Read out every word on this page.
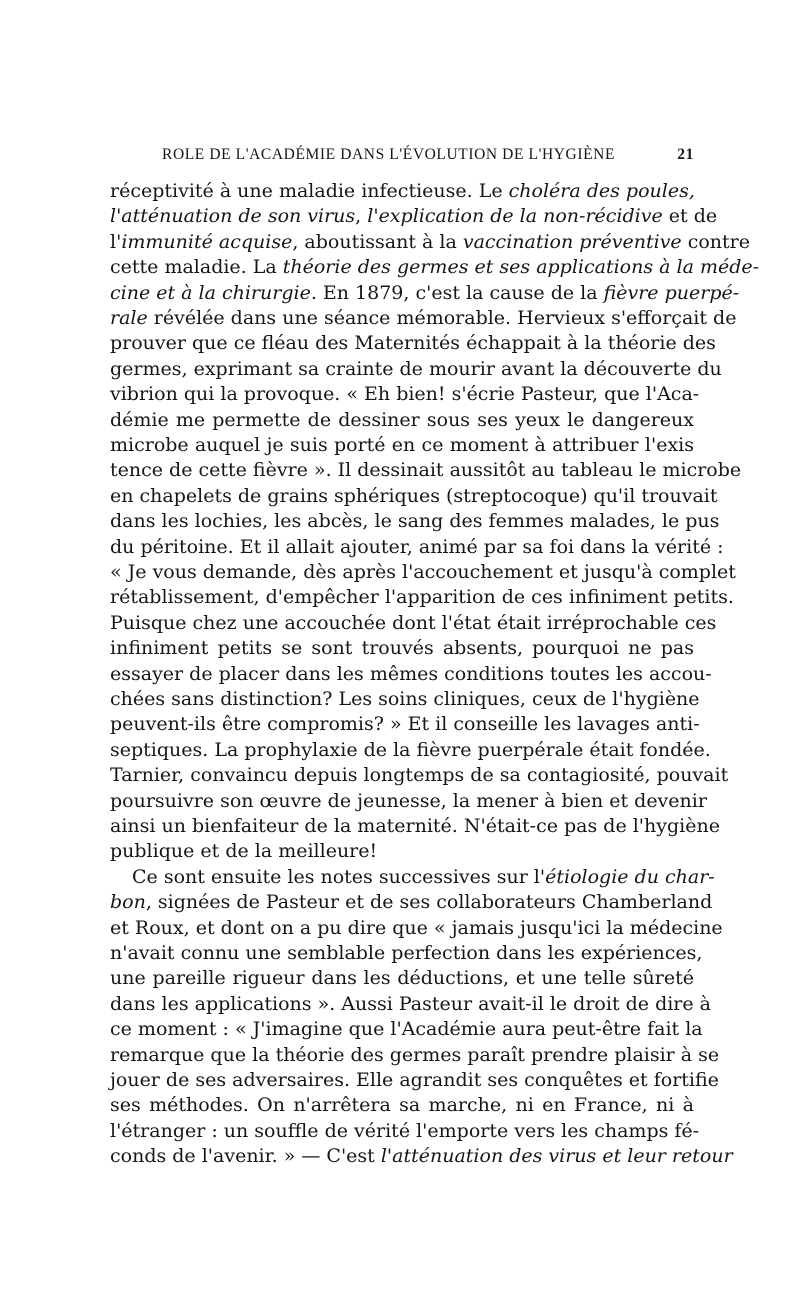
ROLE DE L'ACADÉMIE DANS L'ÉVOLUTION DE L'HYGIÈNE	21
réceptivité à une maladie infectieuse. Le choléra des poules,
l'atténuation de son virus, l'explication de la non-récidive et de
l'immunité acquise, aboutissant à la vaccination préventive contre
cette maladie. La théorie des germes et ses applications à la méde-
cine et à la chirurgie. En 1879, c'est la cause de la fièvre puerpé-
rale révélée dans une séance mémorable. Hervieux s'efforçait de
prouver que ce fléau des Maternités échappait à la théorie des
germes, exprimant sa crainte de mourir avant la découverte du
vibrion qui la provoque. « Eh bien! s'écrie Pasteur, que l'Aca-
démie me permette de dessiner sous ses yeux le dangereux
microbe auquel je suis porté en ce moment à attribuer l'exis
tence de cette fièvre ». Il dessinait aussitôt au tableau le microbe
en chapelets de grains sphériques (streptocoque) qu'il trouvait
dans les lochies, les abcès, le sang des femmes malades, le pus
du péritoine. Et il allait ajouter, animé par sa foi dans la vérité :
« Je vous demande, dès après l'accouchement et jusqu'à complet
rétablissement, d'empêcher l'apparition de ces infiniment petits.
Puisque chez une accouchée dont l'état était irréprochable ces
infiniment petits se sont trouvés absents, pourquoi ne pas
essayer de placer dans les mêmes conditions toutes les accou-
chées sans distinction? Les soins cliniques, ceux de l'hygiène
peuvent-ils être compromis? » Et il conseille les lavages anti-
septiques. La prophylaxie de la fièvre puerpérale était fondée.
Tarnier, convaincu depuis longtemps de sa contagiosité, pouvait
poursuivre son œuvre de jeunesse, la mener à bien et devenir
ainsi un bienfaiteur de la maternité. N'était-ce pas de l'hygiène
publique et de la meilleure!
Ce sont ensuite les notes successives sur l'étiologie du char-
bon, signées de Pasteur et de ses collaborateurs Chamberland
et Roux, et dont on a pu dire que « jamais jusqu'ici la médecine
n'avait connu une semblable perfection dans les expériences,
une pareille rigueur dans les déductions, et une telle sûreté
dans les applications ». Aussi Pasteur avait-il le droit de dire à
ce moment : « J'imagine que l'Académie aura peut-être fait la
remarque que la théorie des germes paraît prendre plaisir à se
jouer de ses adversaires. Elle agrandit ses conquêtes et fortifie
ses méthodes. On n'arrêtera sa marche, ni en France, ni à
l'étranger : un souffle de vérité l'emporte vers les champs fé-
conds de l'avenir. » — C'est l'atténuation des virus et leur retour
